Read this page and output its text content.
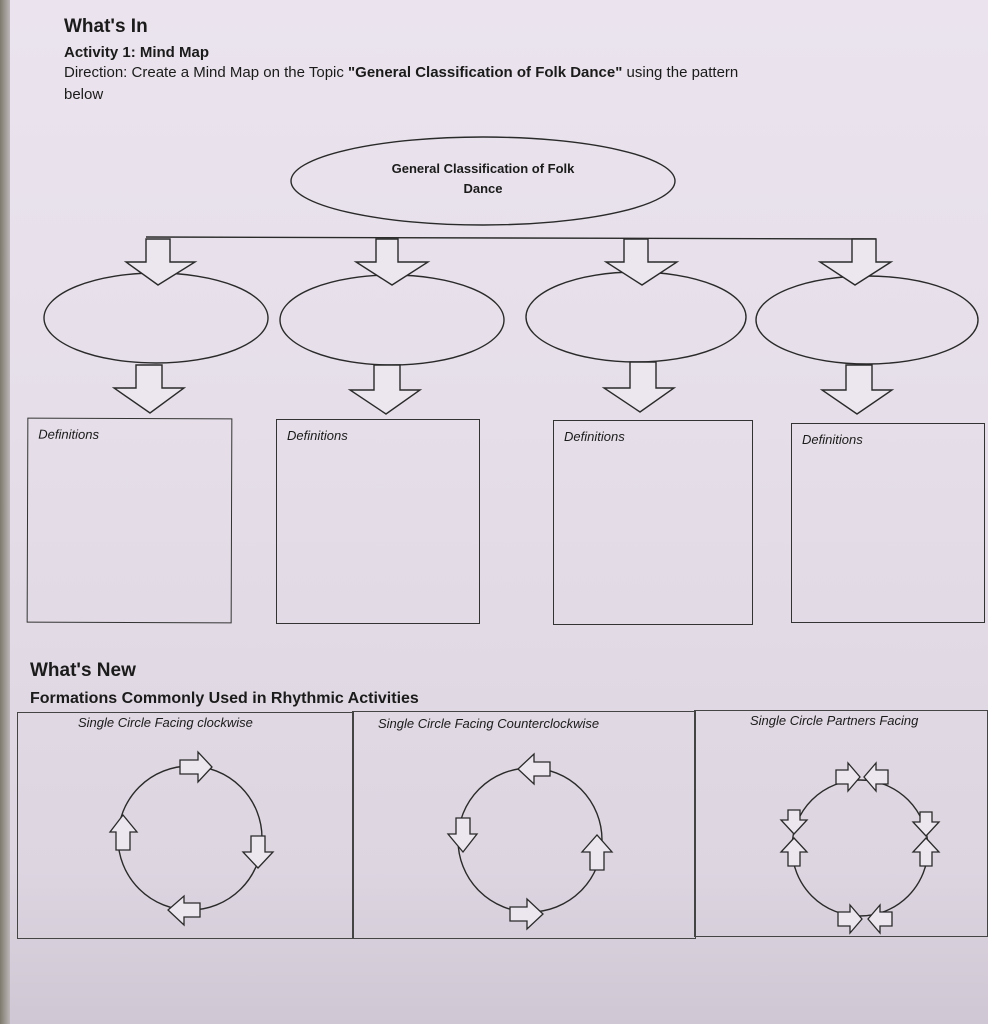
What's In
Activity 1: Mind Map
Direction: Create a Mind Map on the Topic "General Classification of Folk Dance" using the pattern
below
General Classification of Folk
Dance
Definitions	Definitions	Definitions	Definitions
What's New
Formations Commonly Used in Rhythmic Activities
Single Circle Facing clockwise	Single Circle Facing Counterclockwise	Single Circle Partners Facing
